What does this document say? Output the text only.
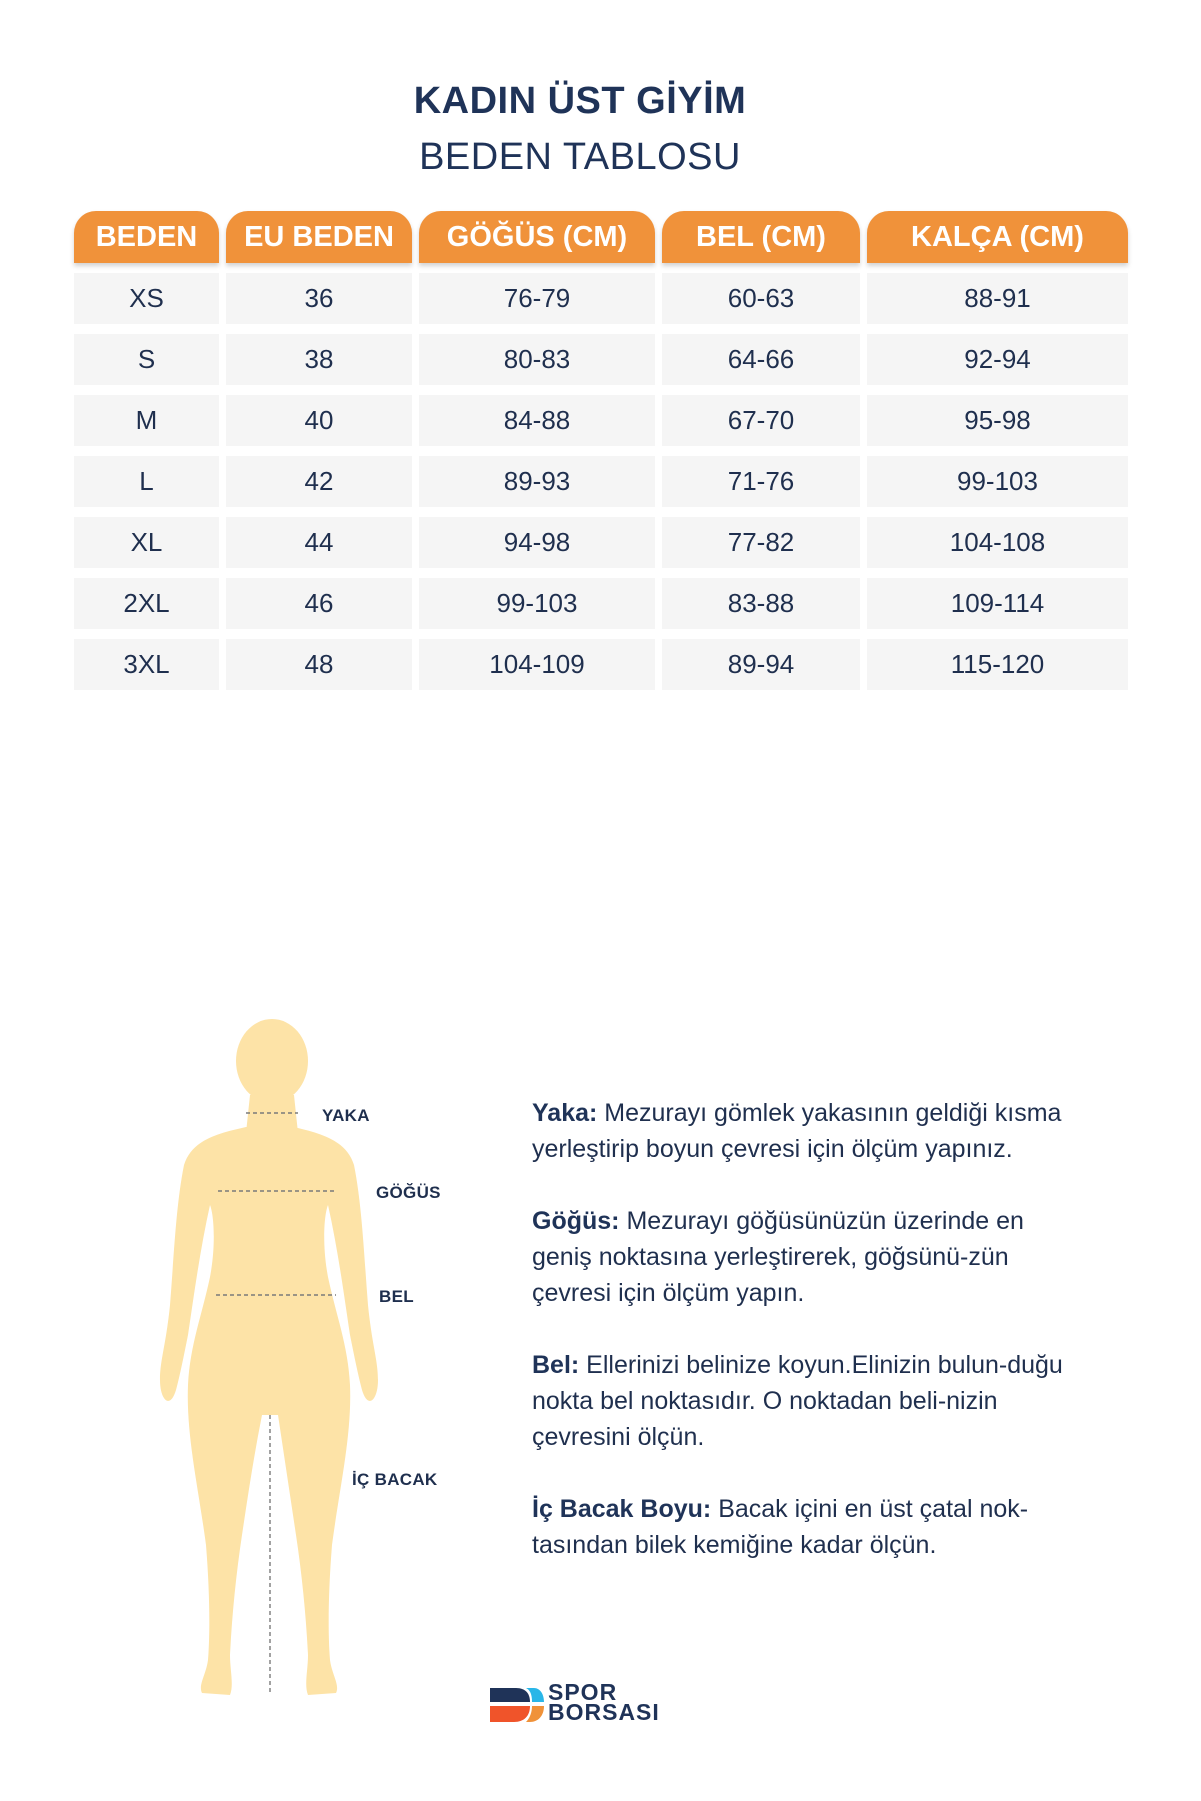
KADIN ÜST GİYİM
BEDEN TABLOSU
BEDEN	EU BEDEN	GÖĞÜS (CM)	BEL (CM)	KALÇA (CM)
XS	36	76-79	60-63	88-91
S	38	80-83	64-66	92-94
M	40	84-88	67-70	95-98
L	42	89-93	71-76	99-103
XL	44	94-98	77-82	104-108
2XL	46	99-103	83-88	109-114
3XL	48	104-109	89-94	115-120
YAKA
GÖĞÜS
BEL
İÇ BACAK

Yaka: Mezurayı gömlek yakasının geldiği kısma yerleştirip boyun çevresi için ölçüm yapınız.

Göğüs: Mezurayı göğüsünüzün üzerinde en geniş noktasına yerleştirerek, göğsünü-zün çevresi için ölçüm yapın.

Bel: Ellerinizi belinize koyun.Elinizin bulun-duğu nokta bel noktasıdır. O noktadan beli-nizin çevresini ölçün.

İç Bacak Boyu: Bacak içini en üst çatal nok-tasından bilek kemiğine kadar ölçün.

SPOR
BORSASI
